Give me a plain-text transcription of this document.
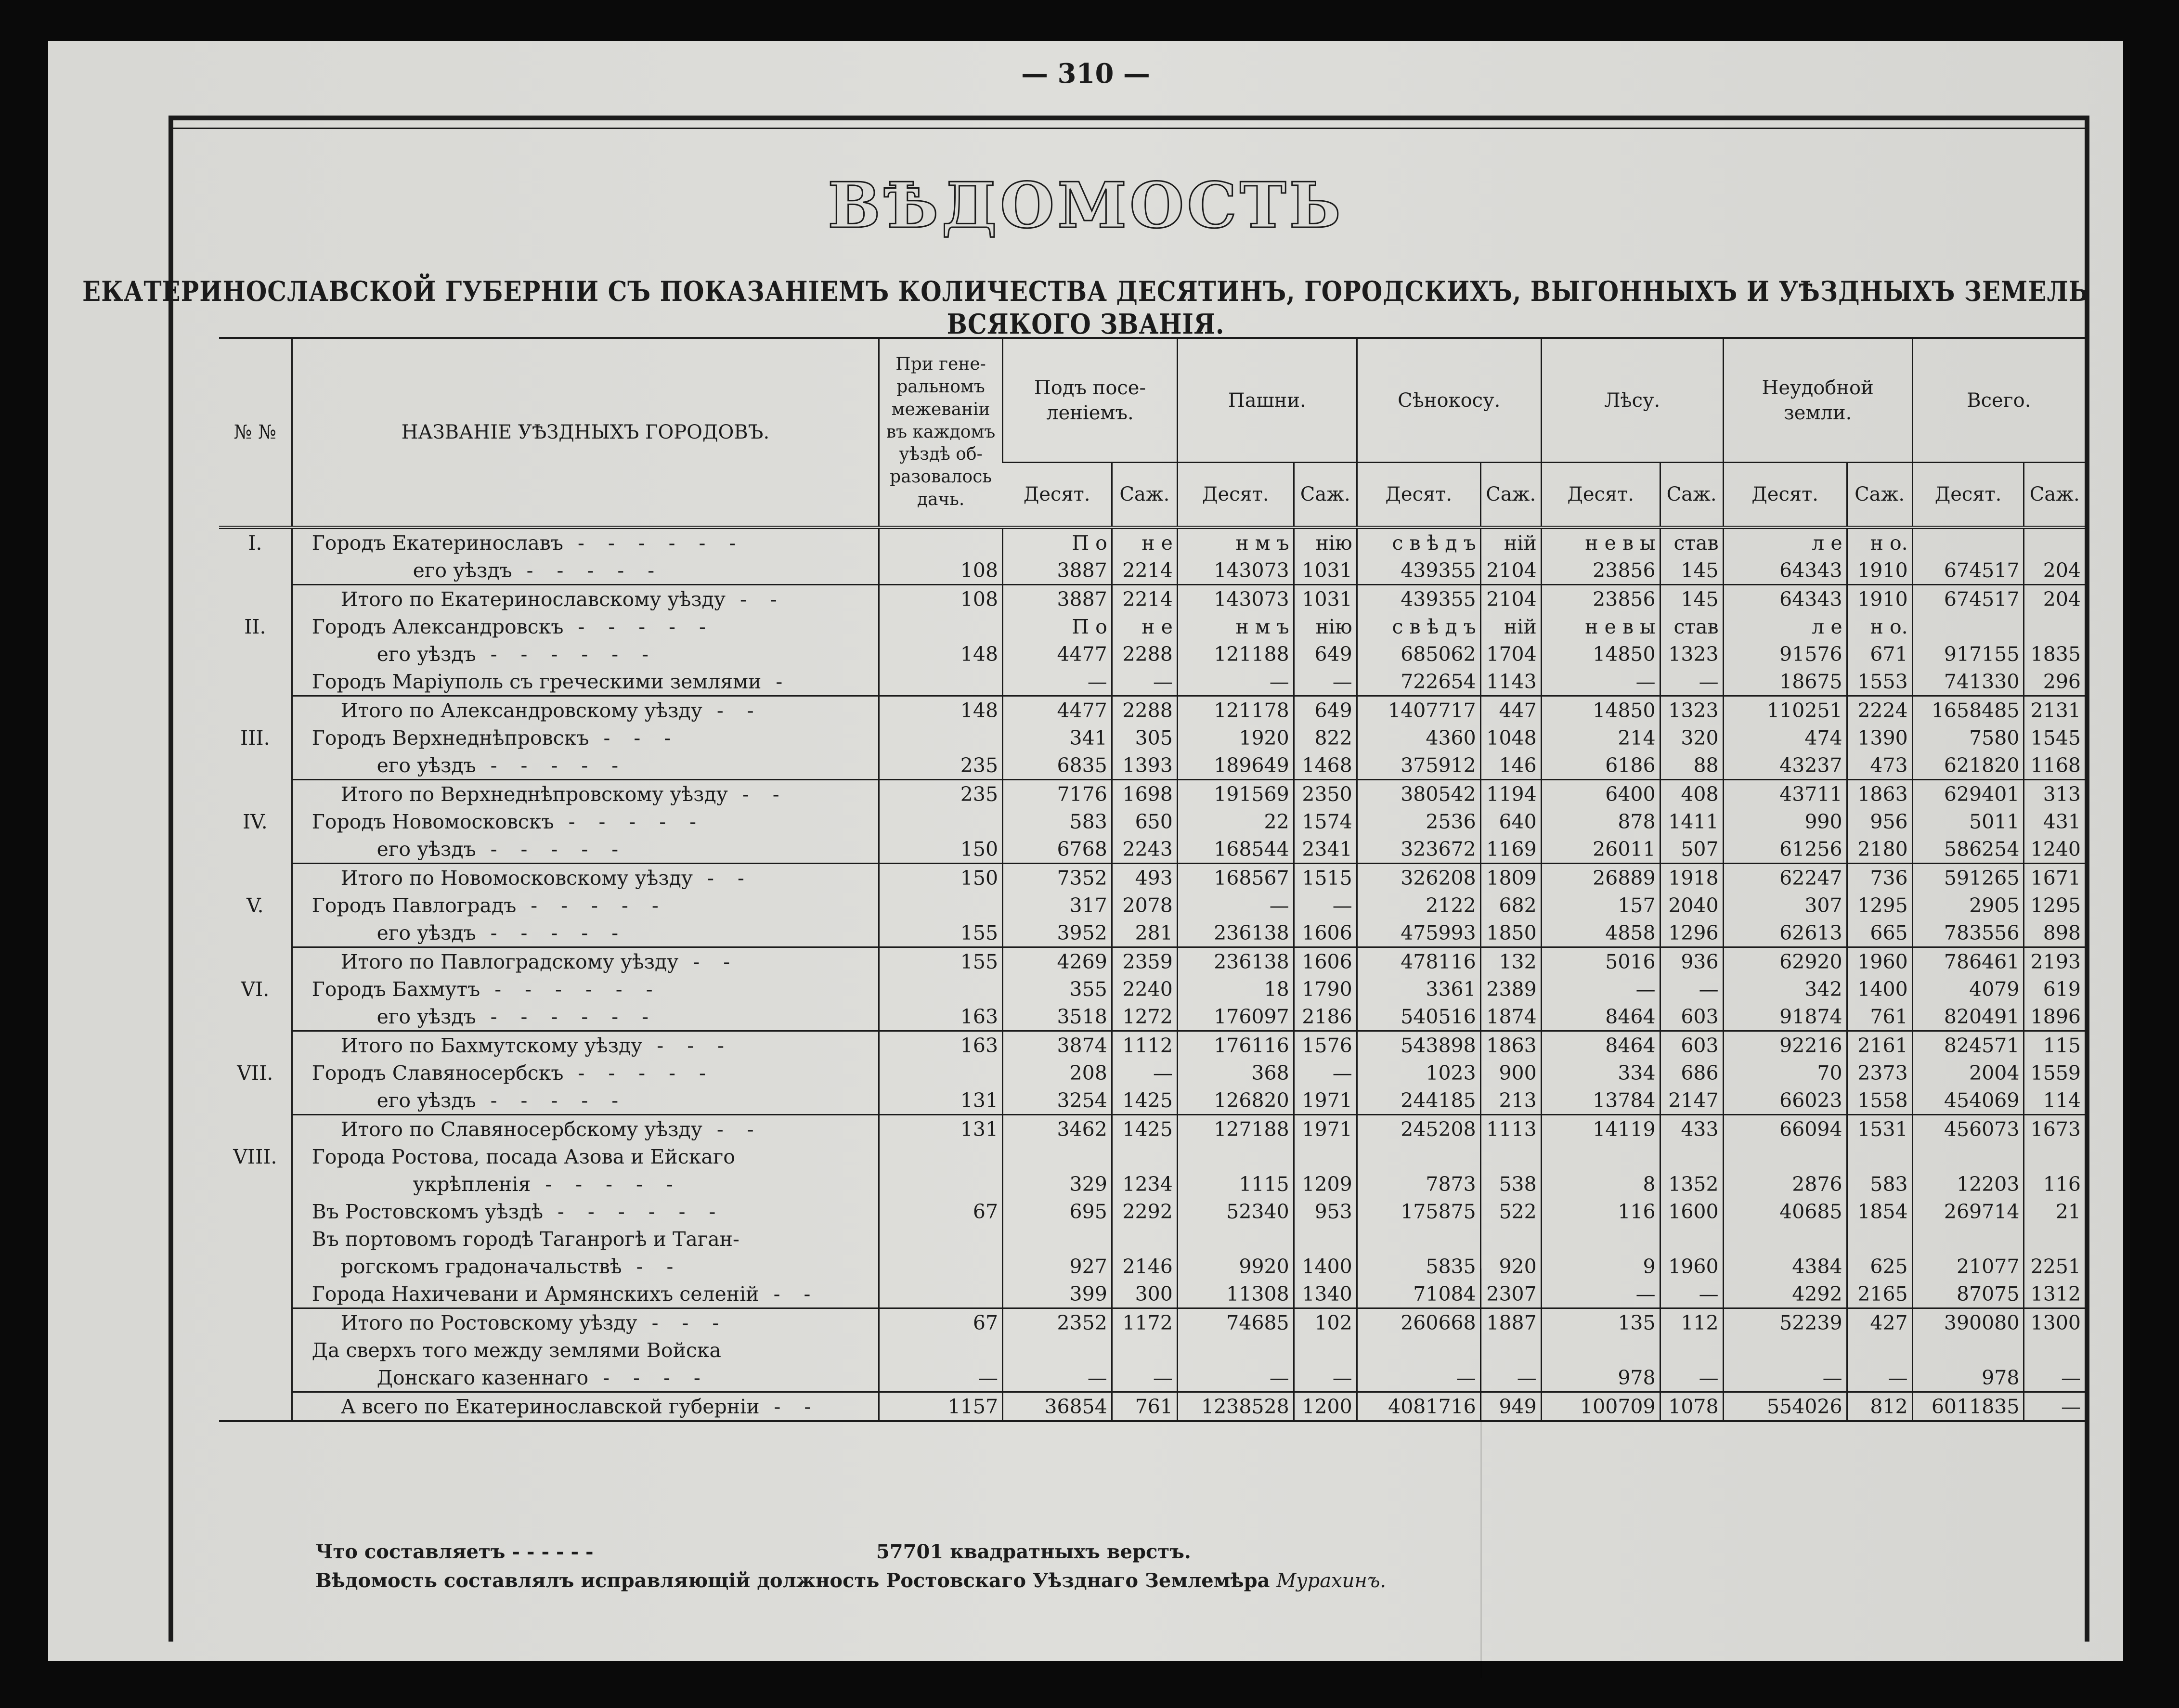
— 310 —
ВѢДОМОСТЬ
ЕКАТЕРИНОСЛАВСКОЙ ГУБЕРНІИ СЪ ПОКАЗАНІЕМЪ КОЛИЧЕСТВА ДЕСЯТИНЪ, ГОРОДСКИХЪ, ВЫГОННЫХЪ И УѢЗДНЫХЪ ЗЕМЕЛЬ ВСЯКОГО ЗВАНІЯ.
№ №	НАЗВАНІЕ УѢЗДНЫХЪ ГОРОДОВЪ.	При гене-ральномъ межеваніи въ каждомъ уѣздѣ об-разовалось дачь.	Подъ посе-леніемъ.		Пашни.		Сѣнокосу.		Лѣсу.		Неудобной земли.		Всего.	
			Десят.	Саж.	Десят.	Саж.	Десят.	Саж.	Десят.	Саж.	Десят.	Саж.	Десят.	Саж.
I.	Городъ Екатеринославъ - - - - - -		П о	н е	н м ъ	нію	с в ѣ д ъ	ній	н е в ы	став	л е	н о.		
	его уѣздъ - - - - -	108	3887	2214	143073	1031	439355	2104	23856	145	64343	1910	674517	204
	Итого по Екатеринославскому уѣзду - -	108	3887	2214	143073	1031	439355	2104	23856	145	64343	1910	674517	204
II.	Городъ Александровскъ - - - - -		П о	н е	н м ъ	нію	с в ѣ д ъ	ній	н е в ы	став	л е	н о.		
	его уѣздъ - - - - - -	148	4477	2288	121188	649	685062	1704	14850	1323	91576	671	917155	1835
	Городъ Маріуполь съ греческими землями -		—	—	—	—	722654	1143	—	—	18675	1553	741330	296
	Итого по Александровскому уѣзду - -	148	4477	2288	121178	649	1407717	447	14850	1323	110251	2224	1658485	2131
III.	Городъ Верхнеднѣпровскъ - - -		341	305	1920	822	4360	1048	214	320	474	1390	7580	1545
	его уѣздъ - - - - -	235	6835	1393	189649	1468	375912	146	6186	88	43237	473	621820	1168
	Итого по Верхнеднѣпровскому уѣзду - -	235	7176	1698	191569	2350	380542	1194	6400	408	43711	1863	629401	313
IV.	Городъ Новомосковскъ - - - - -		583	650	22	1574	2536	640	878	1411	990	956	5011	431
	его уѣздъ - - - - -	150	6768	2243	168544	2341	323672	1169	26011	507	61256	2180	586254	1240
	Итого по Новомосковскому уѣзду - -	150	7352	493	168567	1515	326208	1809	26889	1918	62247	736	591265	1671
V.	Городъ Павлоградъ - - - - -		317	2078	—	—	2122	682	157	2040	307	1295	2905	1295
	его уѣздъ - - - - -	155	3952	281	236138	1606	475993	1850	4858	1296	62613	665	783556	898
	Итого по Павлоградскому уѣзду - -	155	4269	2359	236138	1606	478116	132	5016	936	62920	1960	786461	2193
VI.	Городъ Бахмутъ - - - - - -		355	2240	18	1790	3361	2389	—	—	342	1400	4079	619
	его уѣздъ - - - - - -	163	3518	1272	176097	2186	540516	1874	8464	603	91874	761	820491	1896
	Итого по Бахмутскому уѣзду - - -	163	3874	1112	176116	1576	543898	1863	8464	603	92216	2161	824571	115
VII.	Городъ Славяносербскъ - - - - -		208	—	368	—	1023	900	334	686	70	2373	2004	1559
	его уѣздъ - - - - -	131	3254	1425	126820	1971	244185	213	13784	2147	66023	1558	454069	114
	Итого по Славяносербскому уѣзду - -	131	3462	1425	127188	1971	245208	1113	14119	433	66094	1531	456073	1673
VIII.	Города Ростова, посада Азова и Ейскаго													
	укрѣпленія - - - - -		329	1234	1115	1209	7873	538	8	1352	2876	583	12203	116
	Въ Ростовскомъ уѣздѣ - - - - - -	67	695	2292	52340	953	175875	522	116	1600	40685	1854	269714	21
	Въ портовомъ городѣ Таганрогѣ и Таган-													
	рогскомъ градоначальствѣ - -		927	2146	9920	1400	5835	920	9	1960	4384	625	21077	2251
	Города Нахичевани и Армянскихъ селеній - -		399	300	11308	1340	71084	2307	—	—	4292	2165	87075	1312
	Итого по Ростовскому уѣзду - - -	67	2352	1172	74685	102	260668	1887	135	112	52239	427	390080	1300
	Да сверхъ того между землями Войска													
	Донскаго казеннаго - - - -	—	—	—	—	—	—	—	978	—	—	—	978	—
	А всего по Екатеринославской губерніи - -	1157	36854	761	1238528	1200	4081716	949	100709	1078	554026	812	6011835	—
Что составляетъ - - - - - -	57701 квадратныхъ верстъ.
Вѣдомость составлялъ исправляющій должность Ростовскаго Уѣзднаго Землемѣра Мурахинъ.
